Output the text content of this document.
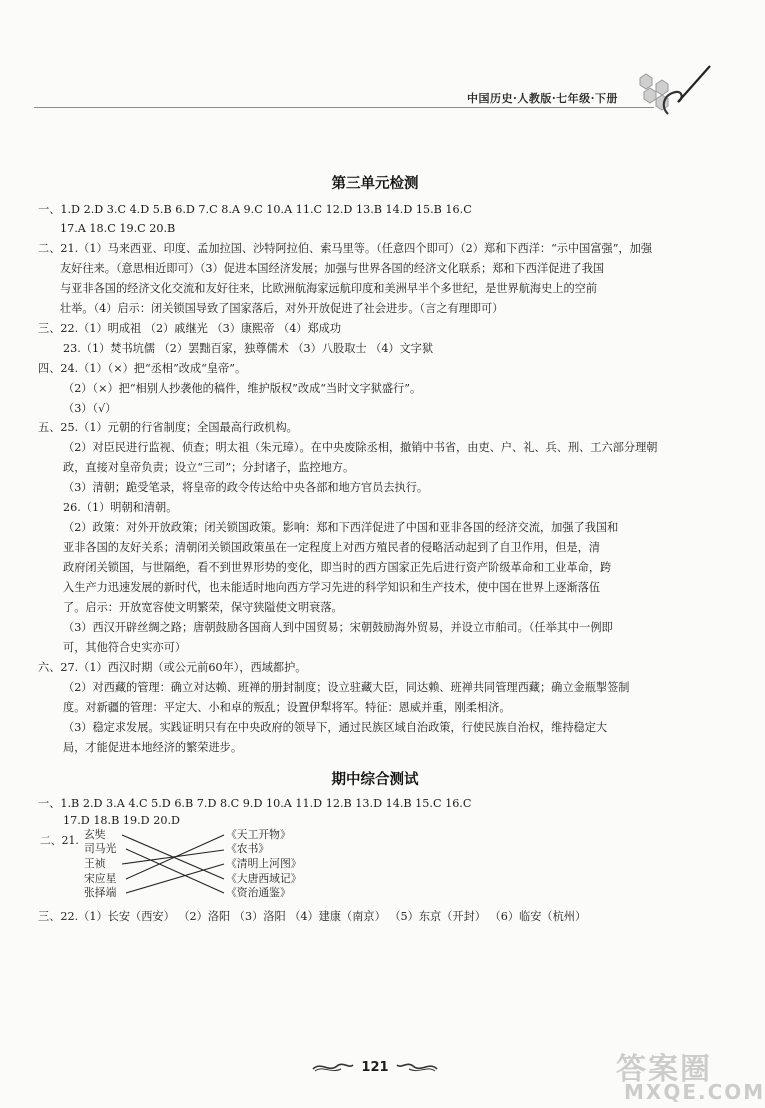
中国历史·人教版·七年级·下册
第三单元检测
一、1.D 2.D 3.C 4.D 5.B 6.D 7.C 8.A 9.C 10.A 11.C 12.D 13.B 14.D 15.B 16.C
17.A 18.C 19.C 20.B
二、21.（1）马来西亚、印度、孟加拉国、沙特阿拉伯、索马里等。（任意四个即可）（2）郑和下西洋：“示中国富强”，加强
友好往来。（意思相近即可）（3）促进本国经济发展；加强与世界各国的经济文化联系；郑和下西洋促进了我国
与亚非各国的经济文化交流和友好往来，比欧洲航海家远航印度和美洲早半个多世纪，是世界航海史上的空前
壮举。（4）启示：闭关锁国导致了国家落后，对外开放促进了社会进步。（言之有理即可）
三、22.（1）明成祖 （2）戚继光 （3）康熙帝 （4）郑成功
23.（1）焚书坑儒 （2）罢黜百家，独尊儒术 （3）八股取士 （4）文字狱
四、24.（1）（×）把“丞相”改成“皇帝”。
（2）（×）把“相别人抄袭他的稿件，维护版权”改成“当时文字狱盛行”。
（3）（√）
五、25.（1）元朝的行省制度；全国最高行政机构。
（2）对臣民进行监视、侦查；明太祖（朱元璋）。在中央废除丞相，撤销中书省，由吏、户、礼、兵、刑、工六部分理朝
政，直接对皇帝负责；设立“三司”；分封诸子，监控地方。
（3）清朝；跪受笔录，将皇帝的政令传达给中央各部和地方官员去执行。
26.（1）明朝和清朝。
（2）政策：对外开放政策；闭关锁国政策。影响：郑和下西洋促进了中国和亚非各国的经济交流，加强了我国和
亚非各国的友好关系；清朝闭关锁国政策虽在一定程度上对西方殖民者的侵略活动起到了自卫作用，但是，清
政府闭关锁国，与世隔绝，看不到世界形势的变化，即当时的西方国家正先后进行资产阶级革命和工业革命，跨
入生产力迅速发展的新时代，也未能适时地向西方学习先进的科学知识和生产技术，使中国在世界上逐渐落伍
了。启示：开放宽容使文明繁荣，保守狭隘使文明衰落。
（3）西汉开辟丝绸之路；唐朝鼓励各国商人到中国贸易；宋朝鼓励海外贸易，并设立市舶司。（任举其中一例即
可，其他符合史实亦可）
六、27.（1）西汉时期（或公元前60年），西域都护。
（2）对西藏的管理：确立对达赖、班禅的册封制度；设立驻藏大臣，同达赖、班禅共同管理西藏；确立金瓶掣签制
度。对新疆的管理：平定大、小和卓的叛乱；设置伊犁将军。特征：恩威并重，刚柔相济。
（3）稳定求发展。实践证明只有在中央政府的领导下，通过民族区域自治政策，行使民族自治权，维持稳定大
局，才能促进本地经济的繁荣进步。
期中综合测试
一、1.B 2.D 3.A 4.C 5.D 6.B 7.D 8.C 9.D 10.A 11.D 12.B 13.D 14.B 15.C 16.C
17.D 18.B 19.D 20.D
二、21. 玄奘
司马光
王祯
宋应星
张择端
《天工开物》
《农书》
《清明上河图》
《大唐西域记》
《资治通鉴》
三、22.（1）长安（西安） （2）洛阳 （3）洛阳 （4）建康（南京） （5）东京（开封） （6）临安（杭州）
121	答案圈
MXQE.COM
